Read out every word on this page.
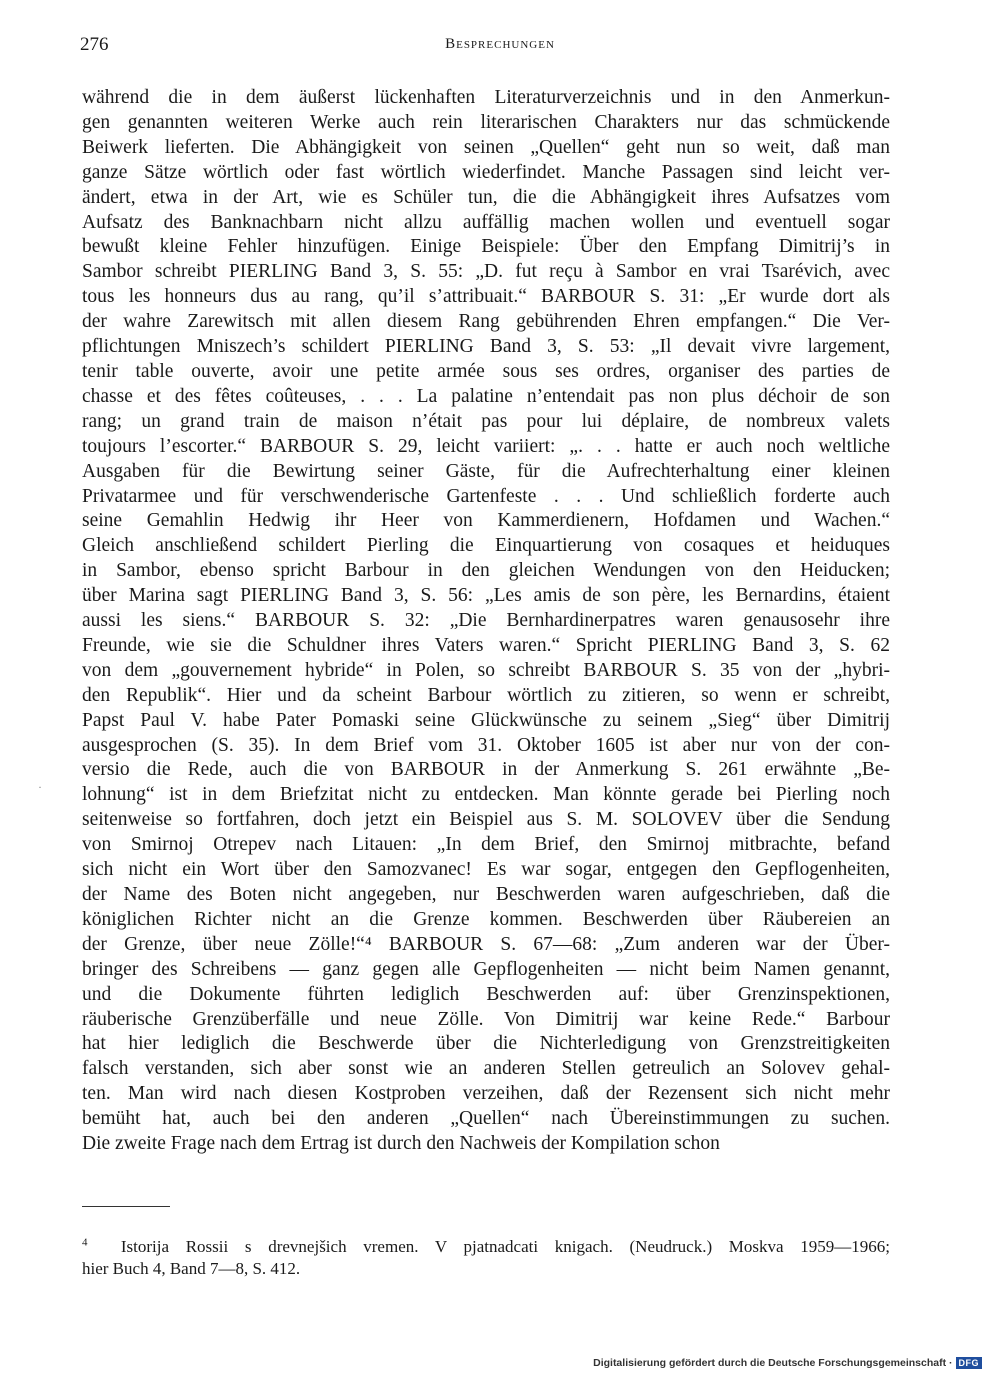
276	Besprechungen
während die in dem äußerst lückenhaften Literaturverzeichnis und in den Anmerkun-
gen genannten weiteren Werke auch rein literarischen Charakters nur das schmückende
Beiwerk lieferten. Die Abhängigkeit von seinen „Quellen“ geht nun so weit, daß man
ganze Sätze wörtlich oder fast wörtlich wiederfindet. Manche Passagen sind leicht ver-
ändert, etwa in der Art, wie es Schüler tun, die die Abhängigkeit ihres Aufsatzes vom
Aufsatz des Banknachbarn nicht allzu auffällig machen wollen und eventuell sogar
bewußt kleine Fehler hinzufügen. Einige Beispiele: Über den Empfang Dimitrij’s in
Sambor schreibt PIERLING Band 3, S. 55: „D. fut reçu à Sambor en vrai Tsarévich, avec
tous les honneurs dus au rang, qu’il s’attribuait.“ BARBOUR S. 31: „Er wurde dort als
der wahre Zarewitsch mit allen diesem Rang gebührenden Ehren empfangen.“ Die Ver-
pflichtungen Mniszech’s schildert PIERLING Band 3, S. 53: „Il devait vivre largement,
tenir table ouverte, avoir une petite armée sous ses ordres, organiser des parties de
chasse et des fêtes coûteuses, . . . La palatine n’entendait pas non plus déchoir de son
rang; un grand train de maison n’était pas pour lui déplaire, de nombreux valets
toujours l’escorter.“ BARBOUR S. 29, leicht variiert: „. . . hatte er auch noch weltliche
Ausgaben für die Bewirtung seiner Gäste, für die Aufrechterhaltung einer kleinen
Privatarmee und für verschwenderische Gartenfeste . . . Und schließlich forderte auch
seine Gemahlin Hedwig ihr Heer von Kammerdienern, Hofdamen und Wachen.“
Gleich anschließend schildert Pierling die Einquartierung von cosaques et heiduques
in Sambor, ebenso spricht Barbour in den gleichen Wendungen von den Heiducken;
über Marina sagt PIERLING Band 3, S. 56: „Les amis de son père, les Bernardins, étaient
aussi les siens.“ BARBOUR S. 32: „Die Bernhardinerpatres waren genausosehr ihre
Freunde, wie sie die Schuldner ihres Vaters waren.“ Spricht PIERLING Band 3, S. 62
von dem „gouvernement hybride“ in Polen, so schreibt BARBOUR S. 35 von der „hybri-
den Republik“. Hier und da scheint Barbour wörtlich zu zitieren, so wenn er schreibt,
Papst Paul V. habe Pater Pomaski seine Glückwünsche zu seinem „Sieg“ über Dimitrij
ausgesprochen (S. 35). In dem Brief vom 31. Oktober 1605 ist aber nur von der con-
versio die Rede, auch die von BARBOUR in der Anmerkung S. 261 erwähnte „Be-
lohnung“ ist in dem Briefzitat nicht zu entdecken. Man könnte gerade bei Pierling noch
seitenweise so fortfahren, doch jetzt ein Beispiel aus S. M. SOLOVEV über die Sendung
von Smirnoj Otrepev nach Litauen: „In dem Brief, den Smirnoj mitbrachte, befand
sich nicht ein Wort über den Samozvanec! Es war sogar, entgegen den Gepflogenheiten,
der Name des Boten nicht angegeben, nur Beschwerden waren aufgeschrieben, daß die
königlichen Richter nicht an die Grenze kommen. Beschwerden über Räubereien an
der Grenze, über neue Zölle!“⁴ BARBOUR S. 67—68: „Zum anderen war der Über-
bringer des Schreibens — ganz gegen alle Gepflogenheiten — nicht beim Namen genannt,
und die Dokumente führten lediglich Beschwerden auf: über Grenzinspektionen,
räuberische Grenzüberfälle und neue Zölle. Von Dimitrij war keine Rede.“ Barbour
hat hier lediglich die Beschwerde über die Nichterledigung von Grenzstreitigkeiten
falsch verstanden, sich aber sonst wie an anderen Stellen getreulich an Solovev gehal-
ten. Man wird nach diesen Kostproben verzeihen, daß der Rezensent sich nicht mehr
bemüht hat, auch bei den anderen „Quellen“ nach Übereinstimmungen zu suchen.
Die zweite Frage nach dem Ertrag ist durch den Nachweis der Kompilation schon
·
$^4$ Istorija Rossii s drevnejšich vremen. V pjatnadcati knigach. (Neudruck.) Moskva 1959—1966;
hier Buch 4, Band 7—8, S. 412.
Digitalisierung gefördert durch die Deutsche Forschungsgemeinschaft · DFG
